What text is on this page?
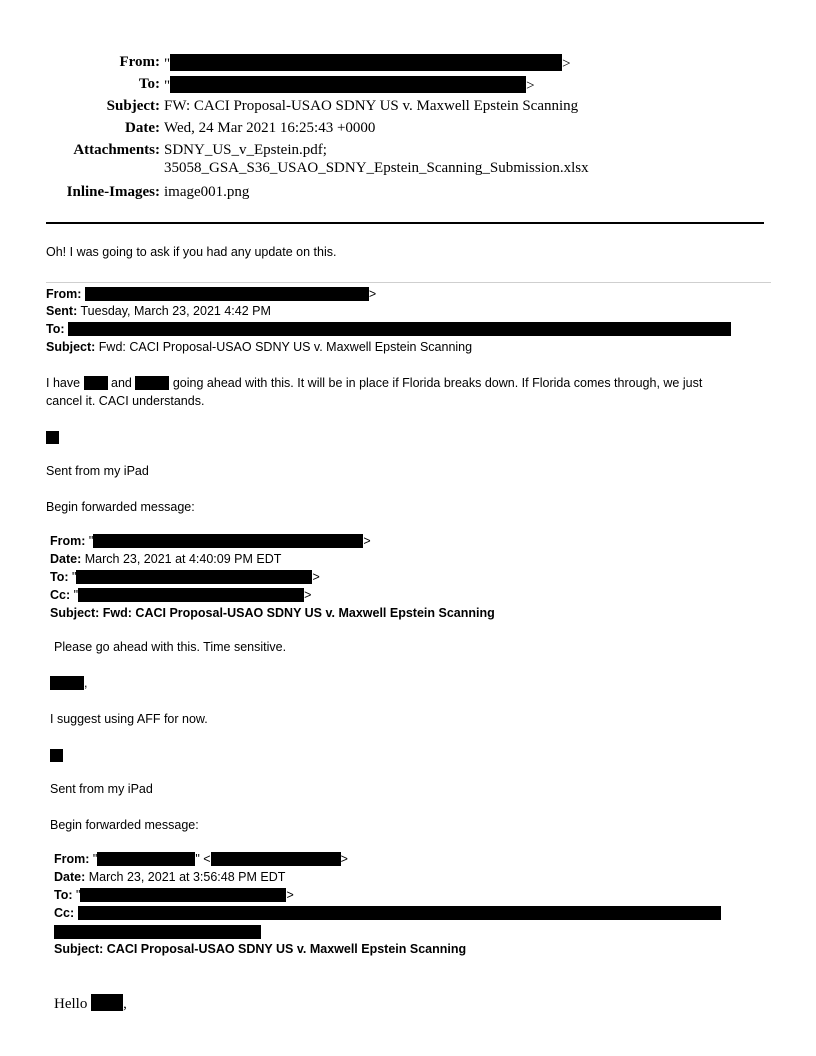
From: "	>
To: "	>
Subject: FW: CACI Proposal-USAO SDNY US v. Maxwell Epstein Scanning
Date: Wed, 24 Mar 2021 16:25:43 +0000
Attachments: SDNY_US_v_Epstein.pdf;
35058_GSA_S36_USAO_SDNY_Epstein_Scanning_Submission.xlsx
Inline-Images: image001.png
Oh! I was going to ask if you had any update on this.
From:	>
Sent: Tuesday, March 23, 2021 4:42 PM
To:
Subject: Fwd: CACI Proposal-USAO SDNY US v. Maxwell Epstein Scanning
I have and	going ahead with this. It will be in place if Florida breaks down. If Florida comes through, we just
cancel it. CACI understands.
Sent from my iPad
Begin forwarded message:
From: "	>
Date: March 23, 2021 at 4:40:09 PM EDT
To: "	>
Cc: "	>
Subject: Fwd: CACI Proposal-USAO SDNY US v. Maxwell Epstein Scanning
Please go ahead with this. Time sensitive.
,
I suggest using AFF for now.
Sent from my iPad
Begin forwarded message:
From: "	" <	>
Date: March 23, 2021 at 3:56:48 PM EDT
To: "	>
Cc:
Subject: CACI Proposal-USAO SDNY US v. Maxwell Epstein Scanning
Hello ,
